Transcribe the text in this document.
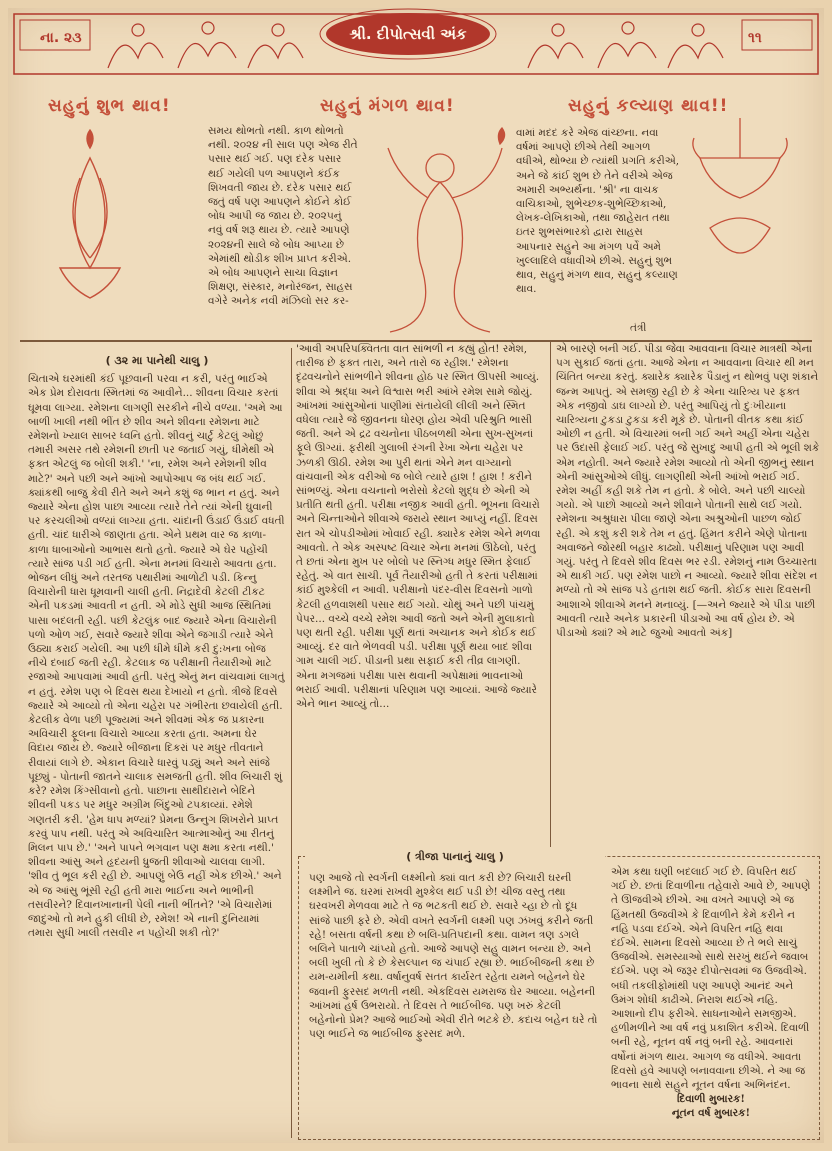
ના. ૨૩	શ્રી. દીપોત્સવી અંક	૧૧
સહુનું શુભ થાવ!	સહુનું મંગળ થાવ!	સહુનું કલ્યાણ થાવ!!
સમય થોભતો નથી. કાળ થોભતો નથી. ૨૦૨૪ ની સાલ પણ એજ રીતે પસાર થઈ ગઈ. પણ દરેક પસાર થઈ ગયેલી પળ આપણને કંઈક શિખવતી જાય છે. દરેક પસાર થઈ જતું વર્ષ પણ આપણને કોઈને કોઈ બોધ આપી જ જાય છે. ૨૦૨૫નું નવું વર્ષ શરૂ થાય છે. ત્યારે આપણે ૨૦૨૪ની સાલે જે બોધ આપ્યા છે એમાંથી થોડીક શીખ પ્રાપ્ત કરીએ. એ બોધ આપણને સાચા વિજ્ઞાન શિક્ષણ, સંસ્કાર, મનોરંજન, સાહસ વગેરે અનેક નવી મંઝિલો સર કર-
વામાં મદદ કરે એજ વાંચ્છના. નવા વર્ષમાં આપણે છીએ તેથી આગળ વધીએ, થોભ્યા છે ત્યાંથી પ્રગતિ કરીએ, અને જે કાંઈ શુભ છે તેને વરીએ એજ અમારી અભ્યર્થના. 'શ્રી' ના વાચક વાચિકાઓ, શુભેચ્છક-શુભેચ્છિકાઓ, લેખક-લેખિકાઓ, તથા જાહેરાત તથા ઇતર શુભસંભારકો દ્વારા સાહસ આપનાર સહુને આ મંગળ પર્વે અમે ખુલ્લાદિલે વધાવીએ છીએ. સહુનું શુભ થાવ, સહુનું મંગળ થાવ, સહુનું કલ્યાણ થાવ.
તંત્રી
( ૩૨ મા પાનેથી ચાલુ )

ચિતાએ ઘરમાંથી કંઈ પૂછવાની પરવા ન કરી, પરંતુ ભાઈએ એક પ્રેમ દોરાવતા સ્મિતમાં જ આવીને... શીવના વિચાર કરતાં ઘૂમવા લાગ્યા. રમેશના લાગણી સરકીને નીચે વળ્યા. 'અમે આ બાળી ખાલી નથી ભીંત છે શીવ અને શીવના રમેશના માટે રમેશનો ખ્યાલ સાબર ધ્વનિ હતો. શીવનું ચાર્ટુ કેટલું ઓછું તમારી અસર તથે રમેશની છાતી પર જતાઈ ગયું, ધીમેથી એ ફક્ત એટલું જ બોલી શકી.' 'ના, રમેશ અને રમેશની શીવ માટે?' અને પછી અને આંખો આપોઆપ જ બંધ થઈ ગઈ. ક્યાંકથી બાજુ કેવી રીતે અને અને કશું જ ભાન ન હતું. અને જ્યારે એના હોશ પાછા આવ્યા ત્યારે તેને ત્યાં એની ઘુવાની પર કરચલીઓ વળ્યાં લાગ્યા હતા. ચાંદાની ઉંડાઈ ઉંડાઈ વધતી હતી. ચાંદ ધારીએ જાણતા હતા. એને પ્રથમ વાર જ કાળા-કાળા ધાબાઓનો આભાસ થતો હતો. જ્યારે એ ઘેર પહોંચી ત્યારે સાંજ પડી ગઈ હતી. એના મનમાં વિચારો આવતા હતા. ભોજન લીધું અને તરતજ પથારીમાં આળોટી પડી. કિન્નુ વિચારોની ધારા ધૂમવાની ચાલી હતી. નિદ્રાદેવી કેટલી ટીકટ એની પકડમાં આવતી ન હતી. એ મોડે સુધી આજ સ્થિતિમાં પાસા બદલતી રહી. પછી કેટલુંક બાદ જ્યારે એના વિચારોની પળો ઓળ ગઈ, સવારે જ્યારે શીવા એને જગાડી ત્યારે એને ઉઠ્યા કરાઈ ગયેલી. આ પછી ધીમે ધીમે કરી દુ:ખના બોજ નીચે દબાઈ જતી રહી. કેટલાક જ પરીક્ષાની તૈયારીઓ માટે રજાઓ આપવામાં આવી હતી. પરંતુ એનું મન વાંચવામાં લાગતું ન હતું. રમેશ પણ બે દિવસ થયા દેખાયો ન હતો. ત્રીજે દિવસે જ્યારે એ આવ્યો તો એના ચહેરા પર ગંભીરતા છવાયેલી હતી. કેટલીક વેળા પછી પૂજ્યમાં અને શીવમાં એક જ પ્રકારના અવિચારી ફૂલના વિચારો આવ્યા કરતા હતા. અમના ઘેર વિદાય જાય છે. જ્યારે બીજાના દિકરાં પર મધુર તીવતાને રીવાયાં લાગે છે. એકાન વિચારે ધારવું પડ્યું અને અને સાંજે પૂછ્યું - પોતાની જાતને ચાલાક સમજતી હતી. શીવ બિચારી શું કરે? રમેશ કિંગ્સીવાનો હતો. પાછાના સાથીદારાને બેદિને શીવની પકડ પર મધુર અગ્રીમ બિંદુઓ ટપકાવ્યાં. રમેશે ગણતરી કરી. 'હેમ ધાપ મળ્યાં? પ્રેમના ઉન્નુગ શિખરોને પ્રાપ્ત કરવું પાપ નથી. પરંતુ એ અવિચારિત આત્માઓનું આ રીતનું મિલન પાપ છે.' 'અને પાપને ભગવાન પણ ક્ષમા કરતા નથી.' શીવના આંસુ અને હૃદયની ધ્રુજતી શીવાઓ ચાલવા લાગી. 'શીવ તું ભૂલ કરી રહી છે. આપણું બેઉ નહીં એક છીએ.' અને એ જ આંસુ ભૂંસી રહી હતી મારા ભાઈના અને ભાભીની તસવીરને? દિવાનખાનાની પેલી નાની ભીંતને? 'એ વિચારોમાં જાદુઓ તો મને હુકી લીધી છે, રમેશ! એ નાની દુનિયામાં તમારા સુધી ખાલી તસવીર ન પહોંચી શકી તો?'

'આવી અપરિપક્વિતતા વાત સાંભળી ન કહ્યું હોત! રમેશ, તારીજ છે ફક્ત તારા, અને તારો જ રહીશ.' રમેશના દૃઢવચનોને સાંભળીને શીવના હોઠ પર સ્મિત ઊપસી આવ્યું. શીવા એ શ્રદ્ધા અને વિશ્વાસ ભરી આંખે રમેશ સામે જોયું. આંખમાં આંસુઓનાં પાણીમાં સંતાયેલી લીલી અને સ્મિત વધેલા ત્યારે જે જીવનના ધોરણ હોય એવી પરિશ્રુતિ ભાસી જતી. અને એ દ્રઢ વચનોના પીઠબળથી એના સુખ-સુખનાં ફૂલે ઊગ્યાં. ફરીથી ગુલાબી રંગની રેખા એના ચહેરા પર ઝળકી ઊઠી. રમેશ આ પુરી થતાં એને મન વાગ્યાનો વાંચવાની એક વરીઓ જ બોલે ત્યારે હાશ ! હાશ ! કરીને સાંભળ્યું. એના વચનાનો ભરોસો કેટલો શુદ્ધ છે એની એ પ્રતીતિ થતી હતી. પરીક્ષા નજીક આવી હતી. ભૂખના વિચારો અને ચિન્તાઓને શીવાએ જરાયે સ્થાન આપ્યું નહીં. દિવસ રાત એ ચોપડીઓમાં ખોવાઈ રહી. ક્યારેક રમેશ એને મળવા આવતો. તે એક અસ્પષ્ટ વિચાર એના મનમાં ઊઠેલો, પરંતુ તે છતાં એના મુખ પર બોલો પર સ્નિગ્ધ મધુર સ્મિત ફેલાઈ રહેતું. એ વાત સાચી. પૂર્વ તૈયારીઓ હતી તે કરતાં પરીક્ષામાં કાંઈ મુશ્કેલી ન આવી. પરીક્ષાનો પંદર-વીસ દિવસનો ગાળો કેટલી હળવાશથી પસાર થઈ ગયો. ચોથું અને પછી પાંચમું પેપર... વચ્ચે વચ્ચે રમેશ આવી જતો અને એની મુલાકાતો પણ થતી રહી. પરીક્ષા પૂર્ણ થતાં અચાનક અને કોઈક થઈ આવ્યું. દર વાતે ભેળવવી પડી. પરીક્ષા પૂર્ણ થયા બાદ શીવા ગામ ચાલી ગઈ. પીડાની પ્રથા સફાઈ કરી તીવ્ર લાગણી. એના મગજમાં પરીક્ષા પાસ થવાની અપેક્ષામાં ભાવનાઓ ભરાઈ આવી. પરીક્ષાનાં પરિણામ પણ આવ્યાં. આજે જ્યારે એને ભાન આવ્યું તો...

એ બારણે બની ગઈ. પીડા જેવા આવવાના વિચાર માત્રથી એના પગ સુકાઈ જતાં હતા. આજે એના ન આવવાના વિચાર થી મન ચિંતિત બન્યા કરતું. ક્યારેક ક્યારેક પૈડાનું ન થોભવું પણ શંકાને જન્મ આપતું. એ સમજી રહી છે કે એના ચારિત્ર્ય પર ફક્ત એક નજીવો ડાઘ લાગ્યો છે. પરંતુ આપિયું તો દુઃખીયાના ચારિત્ર્યના ટુકડા ટુકડા કરી મૂકે છે. પોતાની વીતક કથા કાંઈ ઓછી ન હતી. એ વિચારમાં બની ગઈ અને અહીં એના ચહેરા પર ઉદાસી ફેલાઈ ગઈ. પરંતુ જે સુખાદુ આપી હતી એ ભૂલી શકે એમ નહોતી. અને જ્યારે રમેશ આવ્યો તો એની જીભનું સ્થાન એની આંસુઓએ લીધું. લાગણીથી એની આંખો ભરાઈ ગઈ. રમેશ અહીં કહી શકે તેમ ન હતો. કે બોલે. અને પછી ચાલ્યો ગયો. એ પાછો આવ્યો અને શીવાને પોતાની સાથે લઈ ગયો. રમેશના અશ્રુધારા પીલા જાણે એના અશ્રુઓની પાછળ જોઈ રહી. એ કશું કરી શકે તેમ ન હતું. હિંમત કરીને એણે પોતાના અવાજને જોરથી બહાર કાઢ્યો. પરીક્ષાનું પરિણામ પણ આવી ગયું. પરંતુ તે દિવસે શીવ દિવસ ભર રડી. રમેશનું નામ ઉચ્ચારતા એ થાકી ગઈ. પણ રમેશ પાછો ન આવ્યો. જ્યારે શીવા સંદેશ ન મળ્યો તો એ સાંજ પડે હતાશ થઈ જતી. કોઈક સારા દિવસની આશાએ શીવાએ મનને મનાવ્યું. [—અને જ્યારે એ પીડા પાછી આવતી ત્યારે અનેક પ્રકારની પીડાઓ આ વર્ષ હોય છે. એ પીડાઓ ક્યાં? એ માટે જુઓ આવતો અંક]

( ત્રીજા પાનાનું ચાલુ )
પણ આજે તો સ્વર્ગની લક્ષ્મીનો ક્યાં વાત કરી છે? બિચારી ઘરની લક્ષ્મીને જ. ઘરમાં રાખવી મુશ્કેલ થઈ પડી છે! ચીજ વસ્તુ તથા ઘરવખરી મેળવવા માટે તે જ ભટકતી થઈ છે. સવારે ચ્હા છે તો દૂધ સાંજે પાછી ફરે છે. એવી વખતે સ્વર્ગની લક્ષ્મી પણ ઝંખવું કરીને જતી રહે! બસતા વર્ષની કથા છે બલિ-પ્રતિપદાની કથા. વામન ત્રણ ડગલે બલિને પાતાળે ચાંપ્યો હતો. આજે આપણે સહુ વામન બન્યા છે. અને બલી ખુલી તો કે છે કેસલ્પાન જ ચંપાઈ રહ્યા છે. ભાઈબીજની કથા છે યમ-યમીની કથા. વર્ષાનુવર્ષ સતત કાર્યરત રહેતા યમને બહેનને ઘેર જવાની ફુરસદ મળતી નથી. એકદિવસ યમરાજ ઘેર આવ્યા. બહેનની આંખમાં હર્ષ ઉભરાયો. તે દિવસ તે ભાઈબીજ. પણ ખરું કેટલી બહેનોનો પ્રેમ? આજે ભાઈઓ એવી રીતે ભટકે છે. કદાચ બહેન ઘરે તો પણ ભાઈને જ ભાઈબીજ ફુરસદ મળે.

એમ કથા ઘણી બદલાઈ ગઈ છે. વિપરિત થઈ ગઈ છે. છતાં દિવાળીના તહેવારો આવે છે, આપણે તે ઊજવીએ છીએ. આ વખતે આપણે એ જ હિંમતથી ઉજવીએ કે દિવાળીને કેમે કરીને ન નહિ પડવા દઈએ. એને વિપરિત નહિ થવા દઈએ. સામના દિવસો આવ્યા છે તે ભલે સાચું ઉજવીએ. સમસ્યાઓ સાથે સરખું થઈને જવાબ દઈએ. પણ એ જરૂર દીપોત્સવમાં જ ઉજવીએ. બધી તકલીફોમાંથી પણ આપણે આનંદ અને ઉમંગ શોધી કાઢીએ. નિરાશ થઈએ નહિ. આશાનો દીપ ફરીએ. સાધનાઓને સમજીએ. હળીમળીને આ વર્ષ નવું પ્રકાશિત કરીએ. દિવાળી બની રહે, નૂતન વર્ષ નવું બની રહે. આવનારાં વર્ષોનાં મંગળ થાય. આગળ જ વધીએ. આવતા દિવસો હવે આપણે બનાવવાના છીએ. ને આ જ ભાવના સાથે સહુને નૂતન વર્ષના અભિનંદન.

દિવાળી મુબારક!

નૂતન વર્ષ મુબારક!
